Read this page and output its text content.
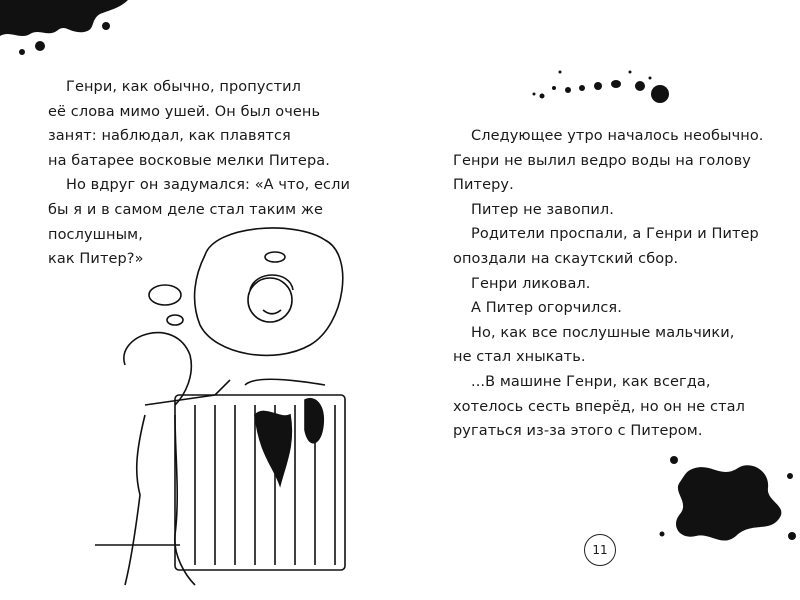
Генри, как обычно, пропустил

её слова мимо ушей. Он был очень

занят: наблюдал, как плавятся

на батарее восковые мелки Питера.

Но вдруг он задумался: «А что, если

бы я и в самом деле стал таким же

послушным,

как Питер?»

Следующее утро началось необычно.

Генри не вылил ведро воды на голову

Питеру.

Питер не завопил.

Родители проспали, а Генри и Питер

опоздали на скаутский сбор.

Генри ликовал.

А Питер огорчился.

Но, как все послушные мальчики,

не стал хныкать.

...В машине Генри, как всегда,

хотелось сесть вперёд, но он не стал

ругаться из-за этого с Питером.

11
